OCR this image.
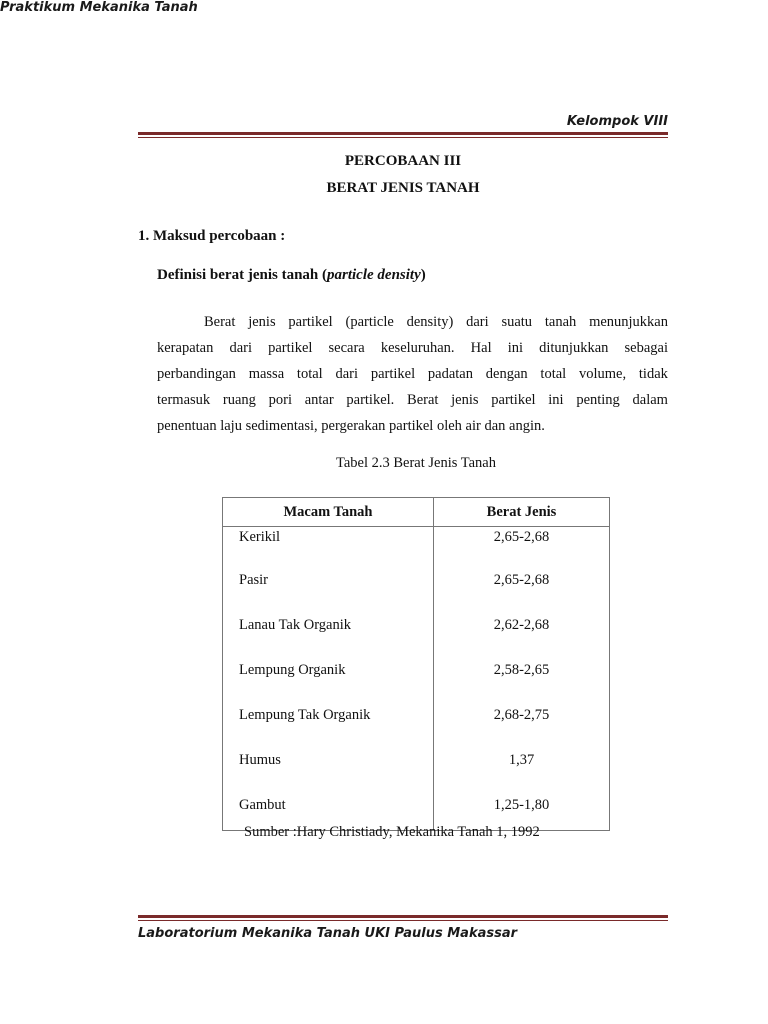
Praktikum Mekanika Tanah
Kelompok VIII
PERCOBAAN III
BERAT JENIS TANAH
1. Maksud percobaan :
Definisi berat jenis tanah (particle density)
Berat jenis partikel (particle density) dari suatu tanah menunjukkan
kerapatan dari partikel secara keseluruhan. Hal ini ditunjukkan sebagai
perbandingan massa total dari partikel padatan dengan total volume, tidak
termasuk ruang pori antar partikel. Berat jenis partikel ini penting dalam
penentuan laju sedimentasi, pergerakan partikel oleh air dan angin.
Tabel 2.3 Berat Jenis Tanah
Macam Tanah	Berat Jenis
Kerikil	2,65-2,68
Pasir	2,65-2,68
Lanau Tak Organik	2,62-2,68
Lempung Organik	2,58-2,65
Lempung Tak Organik	2,68-2,75
Humus	1,37
Gambut	1,25-1,80
Sumber :Hary Christiady, Mekanika Tanah 1, 1992
Laboratorium Mekanika Tanah UKI Paulus Makassar
